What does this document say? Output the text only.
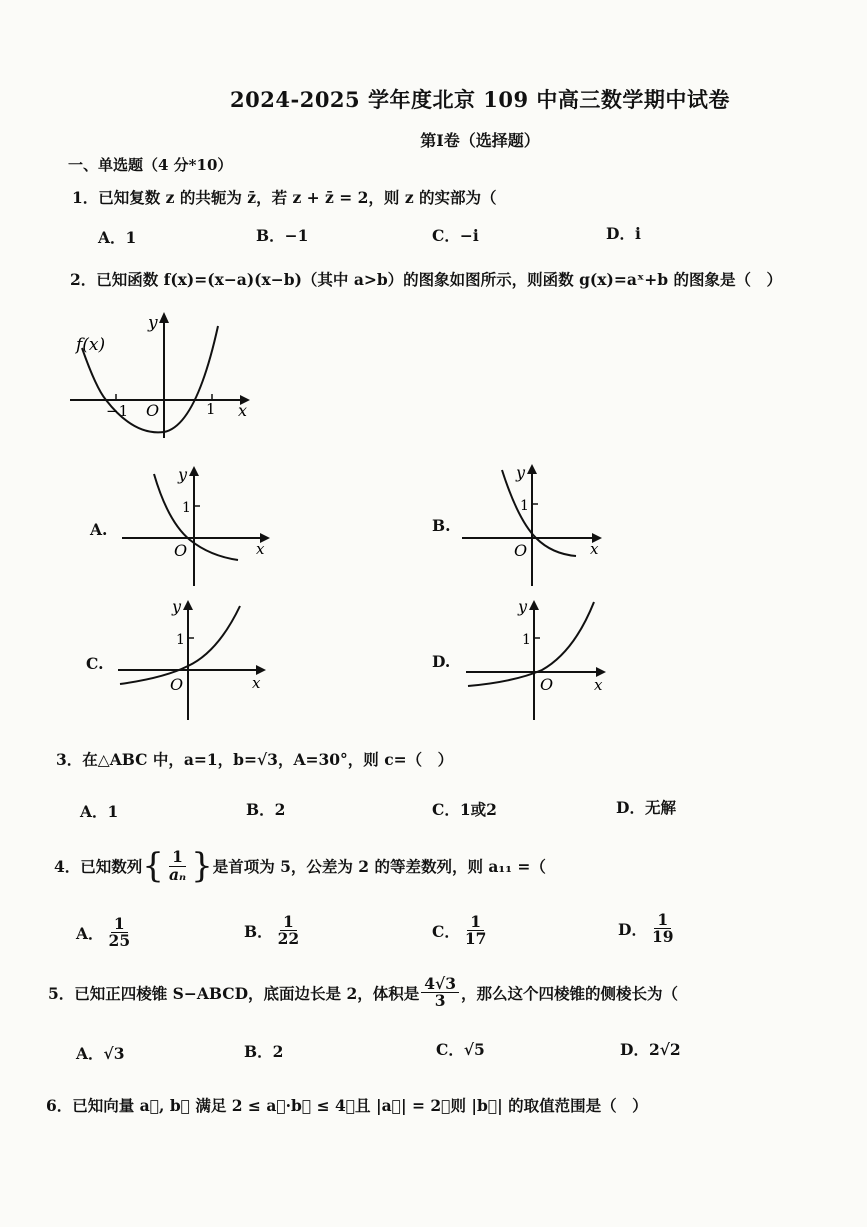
2024-2025 学年度北京 109 中高三数学期中试卷
第Ⅰ卷（选择题）
一、单选题（4 分*10）
1．已知复数 z 的共轭为 z̄，若 z + z̄ = 2，则 z 的实部为（
A．1	B．−1	C．−i	D．i
2．已知函数 f(x)=(x−a)(x−b)（其中 a>b）的图象如图所示，则函数 g(x)=aˣ+b 的图象是（　）
f(x)
y
x
O
−1	1
A.
y
1
O	x
B.
y
1
O	x
C.
y
1
O	x
D.
y
1
O	x
3．在△ABC 中，a=1，b=√3，A=30°，则 c=（　）
A．1	B．2	C．1或2	D．无解
4．已知数列 { $\frac{1}{\text{aₙ}}$ } 是首项为 5，公差为 2 的等差数列，则 a₁₁ =（
A． $\frac{1}{25}$	B． $\frac{1}{22}$	C． $\frac{1}{17}$	D． $\frac{1}{19}$
5．已知正四棱锥 S−ABCD，底面边长是 2，体积是 $\frac{4√3}{3}$ ，那么这个四棱锥的侧棱长为（
A．√3	B．2	C．√5	D．2√2
6．已知向量 a⃗, b⃗ 满足 2 ≤ a⃗·b⃗ ≤ 4，且 |a⃗| = 2，则 |b⃗| 的取值范围是（　）
